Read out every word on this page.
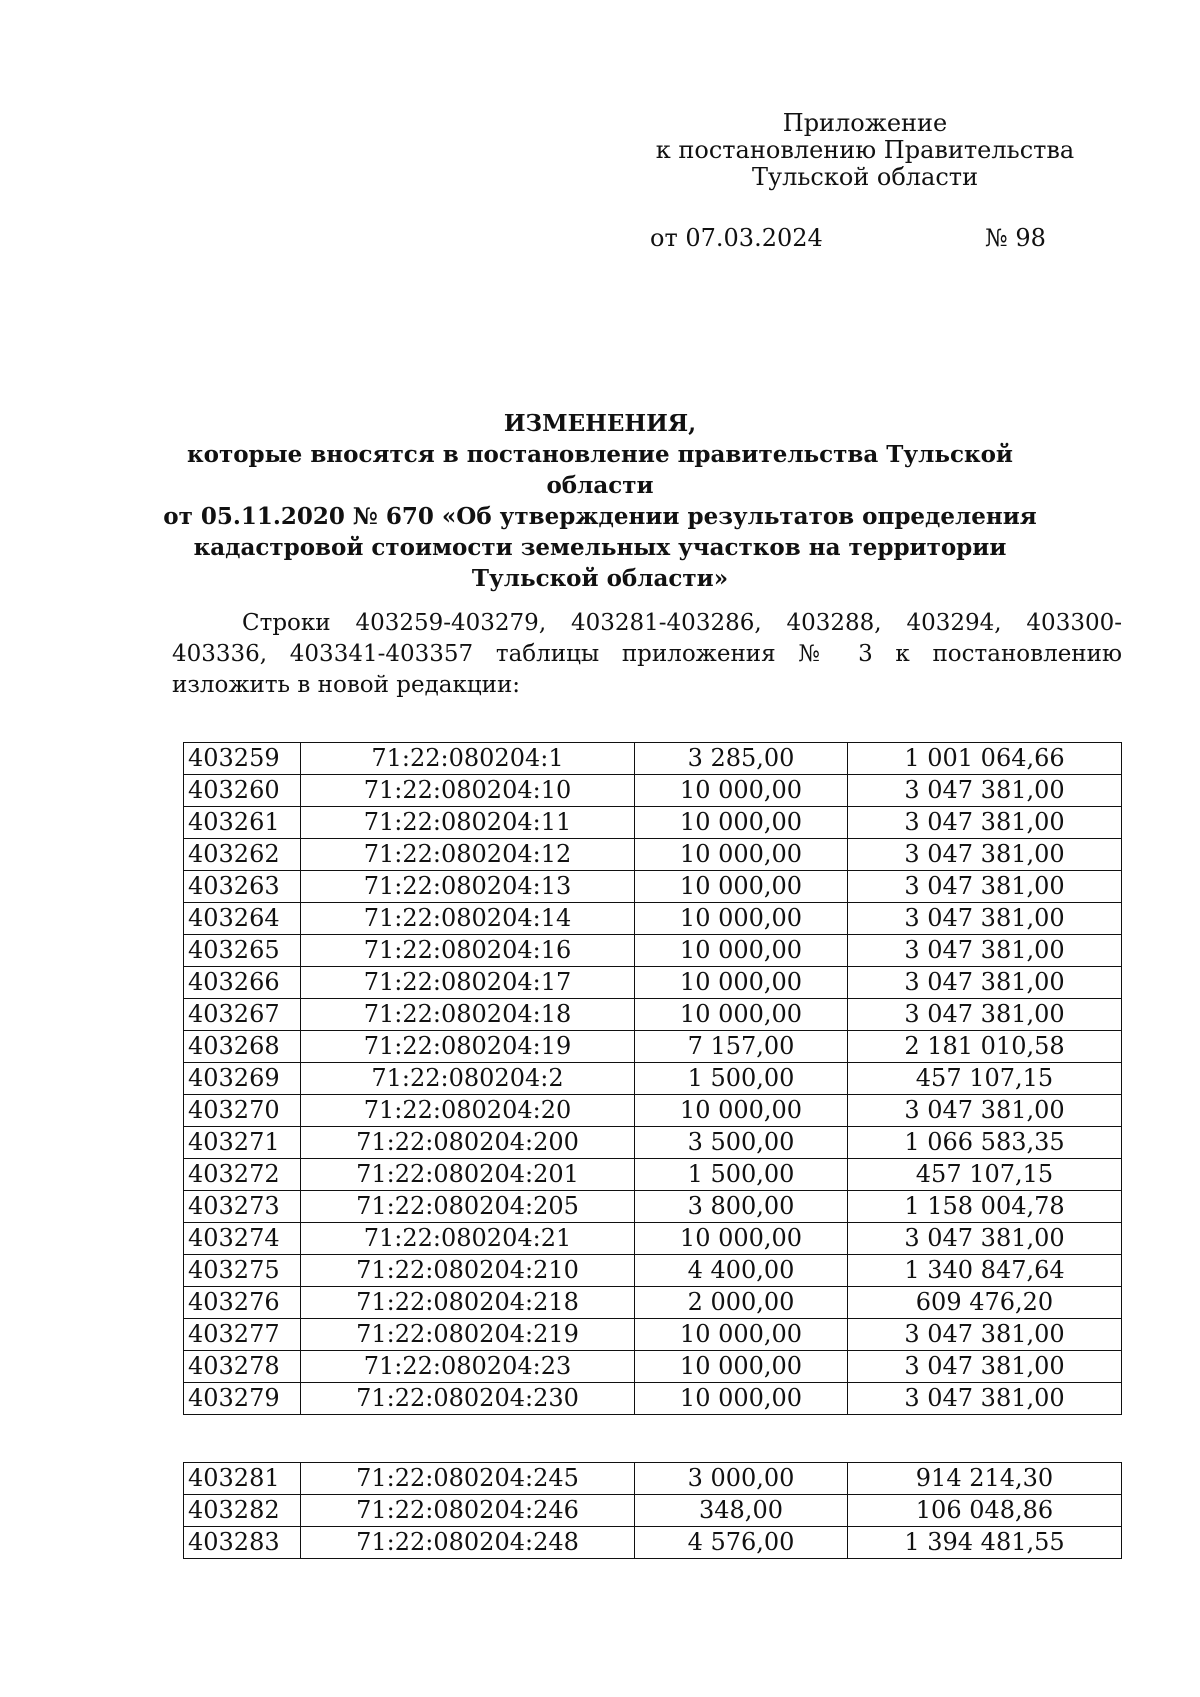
Приложение
к постановлению Правительства
Тульской области
от 07.03.2024	№ 98
ИЗМЕНЕНИЯ,
которые вносятся в постановление правительства Тульской области
от 05.11.2020 № 670 «Об утверждении результатов определения
кадастровой стоимости земельных участков на территории
Тульской области»

Строки 403259-403279, 403281-403286, 403288, 403294, 403300-403336, 403341-403357 таблицы приложения № 3 к постановлению изложить в новой редакции:

403259	71:22:080204:1	3 285,00	1 001 064,66
403260	71:22:080204:10	10 000,00	3 047 381,00
403261	71:22:080204:11	10 000,00	3 047 381,00
403262	71:22:080204:12	10 000,00	3 047 381,00
403263	71:22:080204:13	10 000,00	3 047 381,00
403264	71:22:080204:14	10 000,00	3 047 381,00
403265	71:22:080204:16	10 000,00	3 047 381,00
403266	71:22:080204:17	10 000,00	3 047 381,00
403267	71:22:080204:18	10 000,00	3 047 381,00
403268	71:22:080204:19	7 157,00	2 181 010,58
403269	71:22:080204:2	1 500,00	457 107,15
403270	71:22:080204:20	10 000,00	3 047 381,00
403271	71:22:080204:200	3 500,00	1 066 583,35
403272	71:22:080204:201	1 500,00	457 107,15
403273	71:22:080204:205	3 800,00	1 158 004,78
403274	71:22:080204:21	10 000,00	3 047 381,00
403275	71:22:080204:210	4 400,00	1 340 847,64
403276	71:22:080204:218	2 000,00	609 476,20
403277	71:22:080204:219	10 000,00	3 047 381,00
403278	71:22:080204:23	10 000,00	3 047 381,00
403279	71:22:080204:230	10 000,00	3 047 381,00
403281	71:22:080204:245	3 000,00	914 214,30
403282	71:22:080204:246	348,00	106 048,86
403283	71:22:080204:248	4 576,00	1 394 481,55
